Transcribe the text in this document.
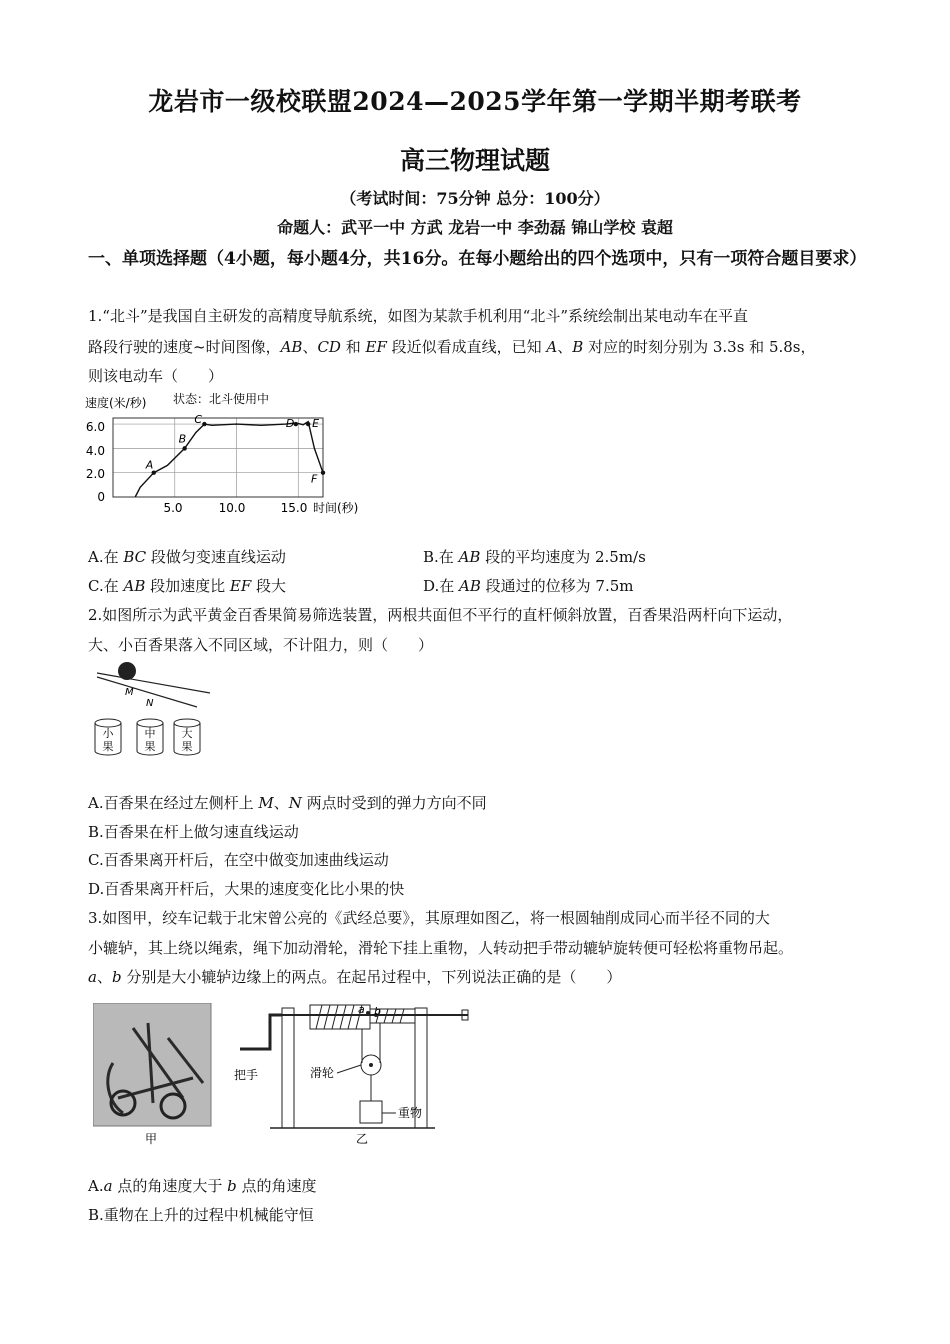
龙岩市一级校联盟2024—2025学年第一学期半期考联考
高三物理试题
（考试时间：75分钟 总分：100分）
命题人：武平一中 方武 龙岩一中 李劲磊 锦山学校 袁超
一、单项选择题（4小题，每小题4分，共16分。在每小题给出的四个选项中，只有一项符合题目要求）
1.“北斗”是我国自主研发的高精度导航系统，如图为某款手机利用“北斗”系统绘制出某电动车在平直
路段行驶的速度~时间图像，AB、CD 和 EF 段近似看成直线，已知 A、B 对应的时刻分别为 3.3s 和 5.8s，
则该电动车（　　）
速度(米/秒) 状态：北斗使用中
6.0
4.0
2.0
0
5.0	10.0	15.0 时间(秒)
A
B
C	D E
F
A.在 BC 段做匀变速直线运动	B.在 AB 段的平均速度为 2.5m/s
C.在 AB 段加速度比 EF 段大	D.在 AB 段通过的位移为 7.5m
2.如图所示为武平黄金百香果简易筛选装置，两根共面但不平行的直杆倾斜放置，百香果沿两杆向下运动，
大、小百香果落入不同区域，不计阻力，则（　　）
M
N
小
果
中
果
大
果
A.百香果在经过左侧杆上 M、N 两点时受到的弹力方向不同
B.百香果在杆上做匀速直线运动
C.百香果离开杆后，在空中做变加速曲线运动
D.百香果离开杆后，大果的速度变化比小果的快
3.如图甲，绞车记载于北宋曾公亮的《武经总要》，其原理如图乙，将一根圆轴削成同心而半径不同的大
小辘轳，其上绕以绳索，绳下加动滑轮，滑轮下挂上重物，人转动把手带动辘轳旋转便可轻松将重物吊起。
a、b 分别是大小辘轳边缘上的两点。在起吊过程中，下列说法正确的是（　　）
甲
a b
重物
滑轮
把手
乙
A.a 点的角速度大于 b 点的角速度
B.重物在上升的过程中机械能守恒
